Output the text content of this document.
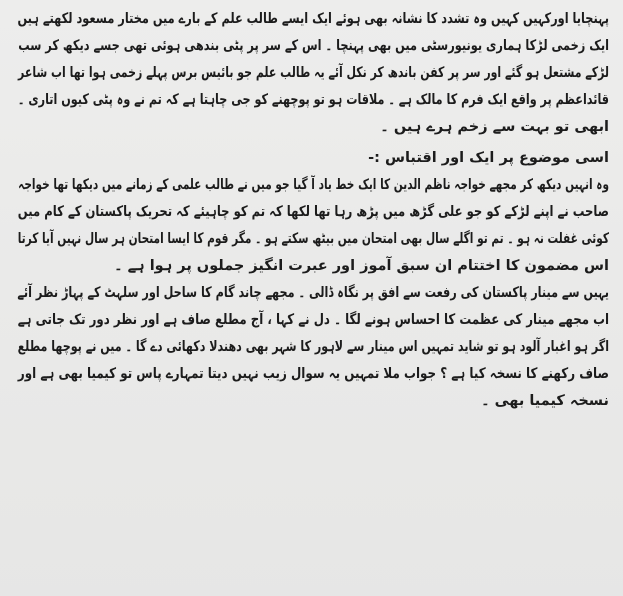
پہنچایا اورکہیں کہیں وہ تشدد کا نشانہ بھی ہوئے ایک ایسے طالب علم کے بارے میں مختار مسعود لکھتے ہیں
ایک زخمی لڑکا ہماری یونیورسٹی میں بھی پہنچا ۔ اس کے سر پر پٹی بندھی ہوئی تھی جسے دیکھ کر سب
لڑکے مشتعل ہو گئے اور سر پر کفن باندھ کر نکل آئے یہ طالب علم جو بائیس برس پہلے زخمی ہوا تھا اب شاعر
قائداعظم پر واقع ایک فرم کا مالک ہے ۔ ملاقات ہو تو پوچھنے کو جی چاہتا ہے کہ تم نے وہ پٹی کیوں اتاری ۔
ابھی تو بہت سے زخم ہرے ہیں ۔
اسی موضوع پر ایک اور اقتباس :-
وہ انہیں دیکھ کر مجھے خواجہ ناظم الدین کا ایک خط یاد آ گیا جو میں نے طالب علمی کے زمانے میں دیکھا تھا خواجہ
صاحب نے اپنے لڑکے کو جو علی گڑھ میں پڑھ رہا تھا لکھا کہ تم کو چاہیئے کہ تحریک پاکستان کے کام میں
کوئی غفلت نہ ہو ۔ تم تو اگلے سال بھی امتحان میں بیٹھ سکتے ہو ۔ مگر قوم کا ایسا امتحان ہر سال نہیں آیا کرتا
اس مضمون کا اختتام ان سبق آموز اور عبرت انگیز جملوں پر ہوا ہے ۔
یہیں سے مینار پاکستان کی رفعت سے افق پر نگاہ ڈالی ۔ مجھے چاند گام کا ساحل اور سلہٹ کے پہاڑ نظر آئے
اب مجھے مینار کی عظمت کا احساس ہونے لگا ۔ دل نے کہا ، آج مطلع صاف ہے اور نظر دور تک جاتی ہے
اگر ہو اغبار آلود ہو تو شاید تمہیں اس مینار سے لاہور کا شہر بھی دھندلا دکھائی دے گا ۔ میں نے پوچھا مطلع
صاف رکھنے کا نسخہ کیا ہے ؟ جواب ملا تمہیں یہ سوال زیب نہیں دیتا تمہارے پاس تو کیمیا بھی ہے اور
نسخہ کیمیا بھی ۔
